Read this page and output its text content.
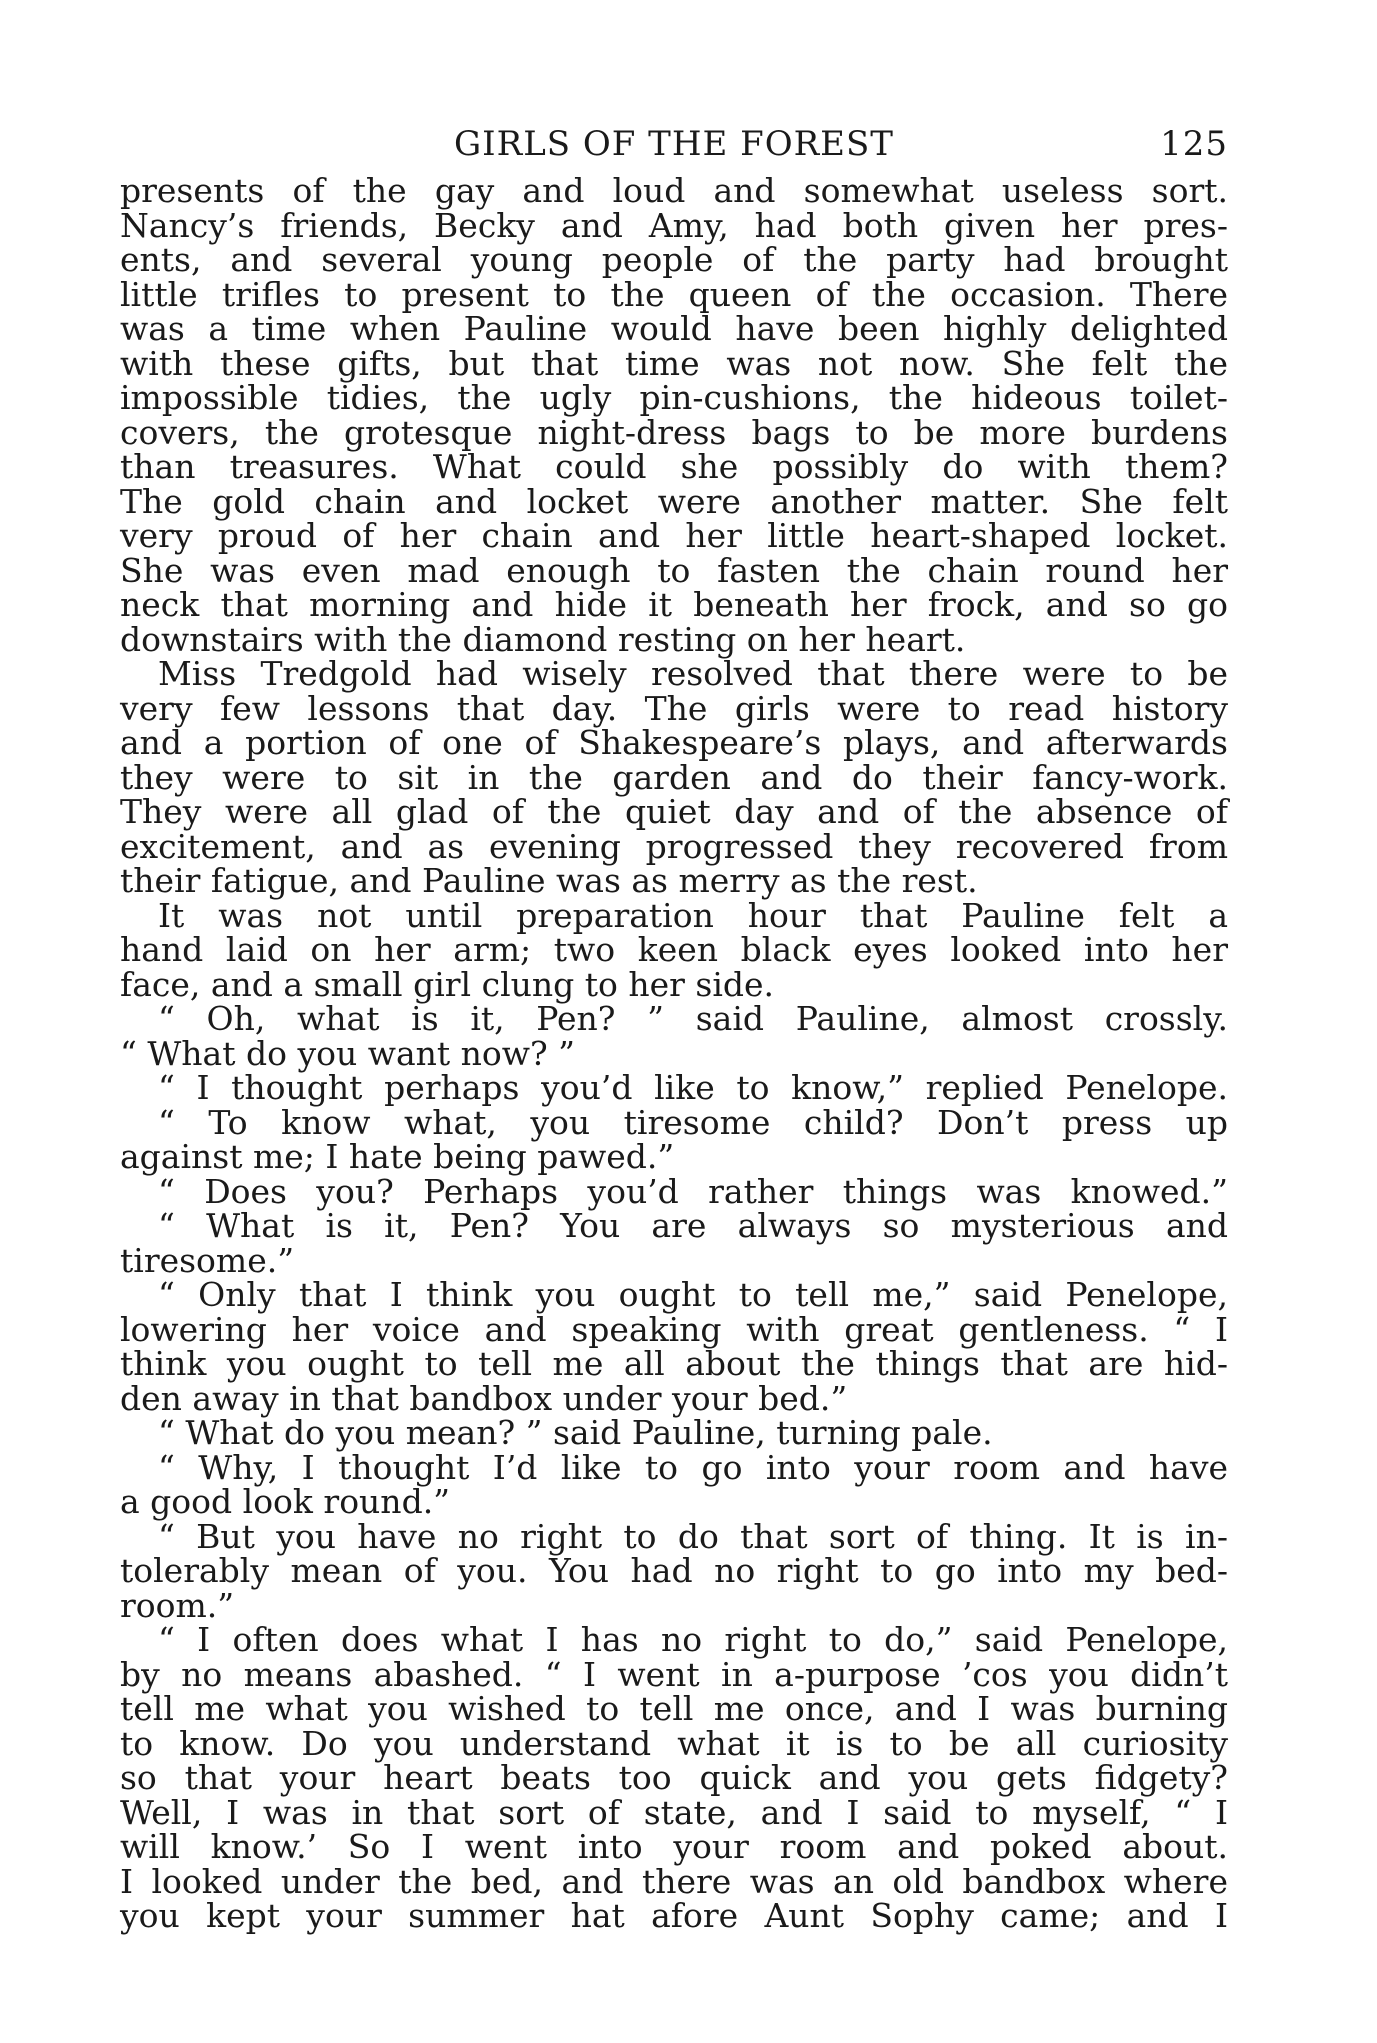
GIRLS OF THE FOREST	125
presents of the gay and loud and somewhat useless sort.
Nancy’s friends, Becky and Amy, had both given her pres-
ents, and several young people of the party had brought
little trifles to present to the queen of the occasion. There
was a time when Pauline would have been highly delighted
with these gifts, but that time was not now. She felt the
impossible tidies, the ugly pin-cushions, the hideous toilet-
covers, the grotesque night-dress bags to be more burdens
than treasures. What could she possibly do with them?
The gold chain and locket were another matter. She felt
very proud of her chain and her little heart-shaped locket.
She was even mad enough to fasten the chain round her
neck that morning and hide it beneath her frock, and so go
downstairs with the diamond resting on her heart.
Miss Tredgold had wisely resolved that there were to be
very few lessons that day. The girls were to read history
and a portion of one of Shakespeare’s plays, and afterwards
they were to sit in the garden and do their fancy-work.
They were all glad of the quiet day and of the absence of
excitement, and as evening progressed they recovered from
their fatigue, and Pauline was as merry as the rest.
It was not until preparation hour that Pauline felt a
hand laid on her arm; two keen black eyes looked into her
face, and a small girl clung to her side.
“ Oh, what is it, Pen? ” said Pauline, almost crossly.
“ What do you want now? ”
“ I thought perhaps you’d like to know,” replied Penelope.
“ To know what, you tiresome child? Don’t press up
against me; I hate being pawed.”
“ Does you? Perhaps you’d rather things was knowed.”
“ What is it, Pen? You are always so mysterious and
tiresome.”
“ Only that I think you ought to tell me,” said Penelope,
lowering her voice and speaking with great gentleness. “ I
think you ought to tell me all about the things that are hid-
den away in that bandbox under your bed.”
“ What do you mean? ” said Pauline, turning pale.
“ Why, I thought I’d like to go into your room and have
a good look round.”
“ But you have no right to do that sort of thing. It is in-
tolerably mean of you. You had no right to go into my bed-
room.”
“ I often does what I has no right to do,” said Penelope,
by no means abashed. “ I went in a-purpose ’cos you didn’t
tell me what you wished to tell me once, and I was burning
to know. Do you understand what it is to be all curiosity
so that your heart beats too quick and you gets fidgety?
Well, I was in that sort of state, and I said to myself, “ I
will know.’ So I went into your room and poked about.
I looked under the bed, and there was an old bandbox where
you kept your summer hat afore Aunt Sophy came; and I
